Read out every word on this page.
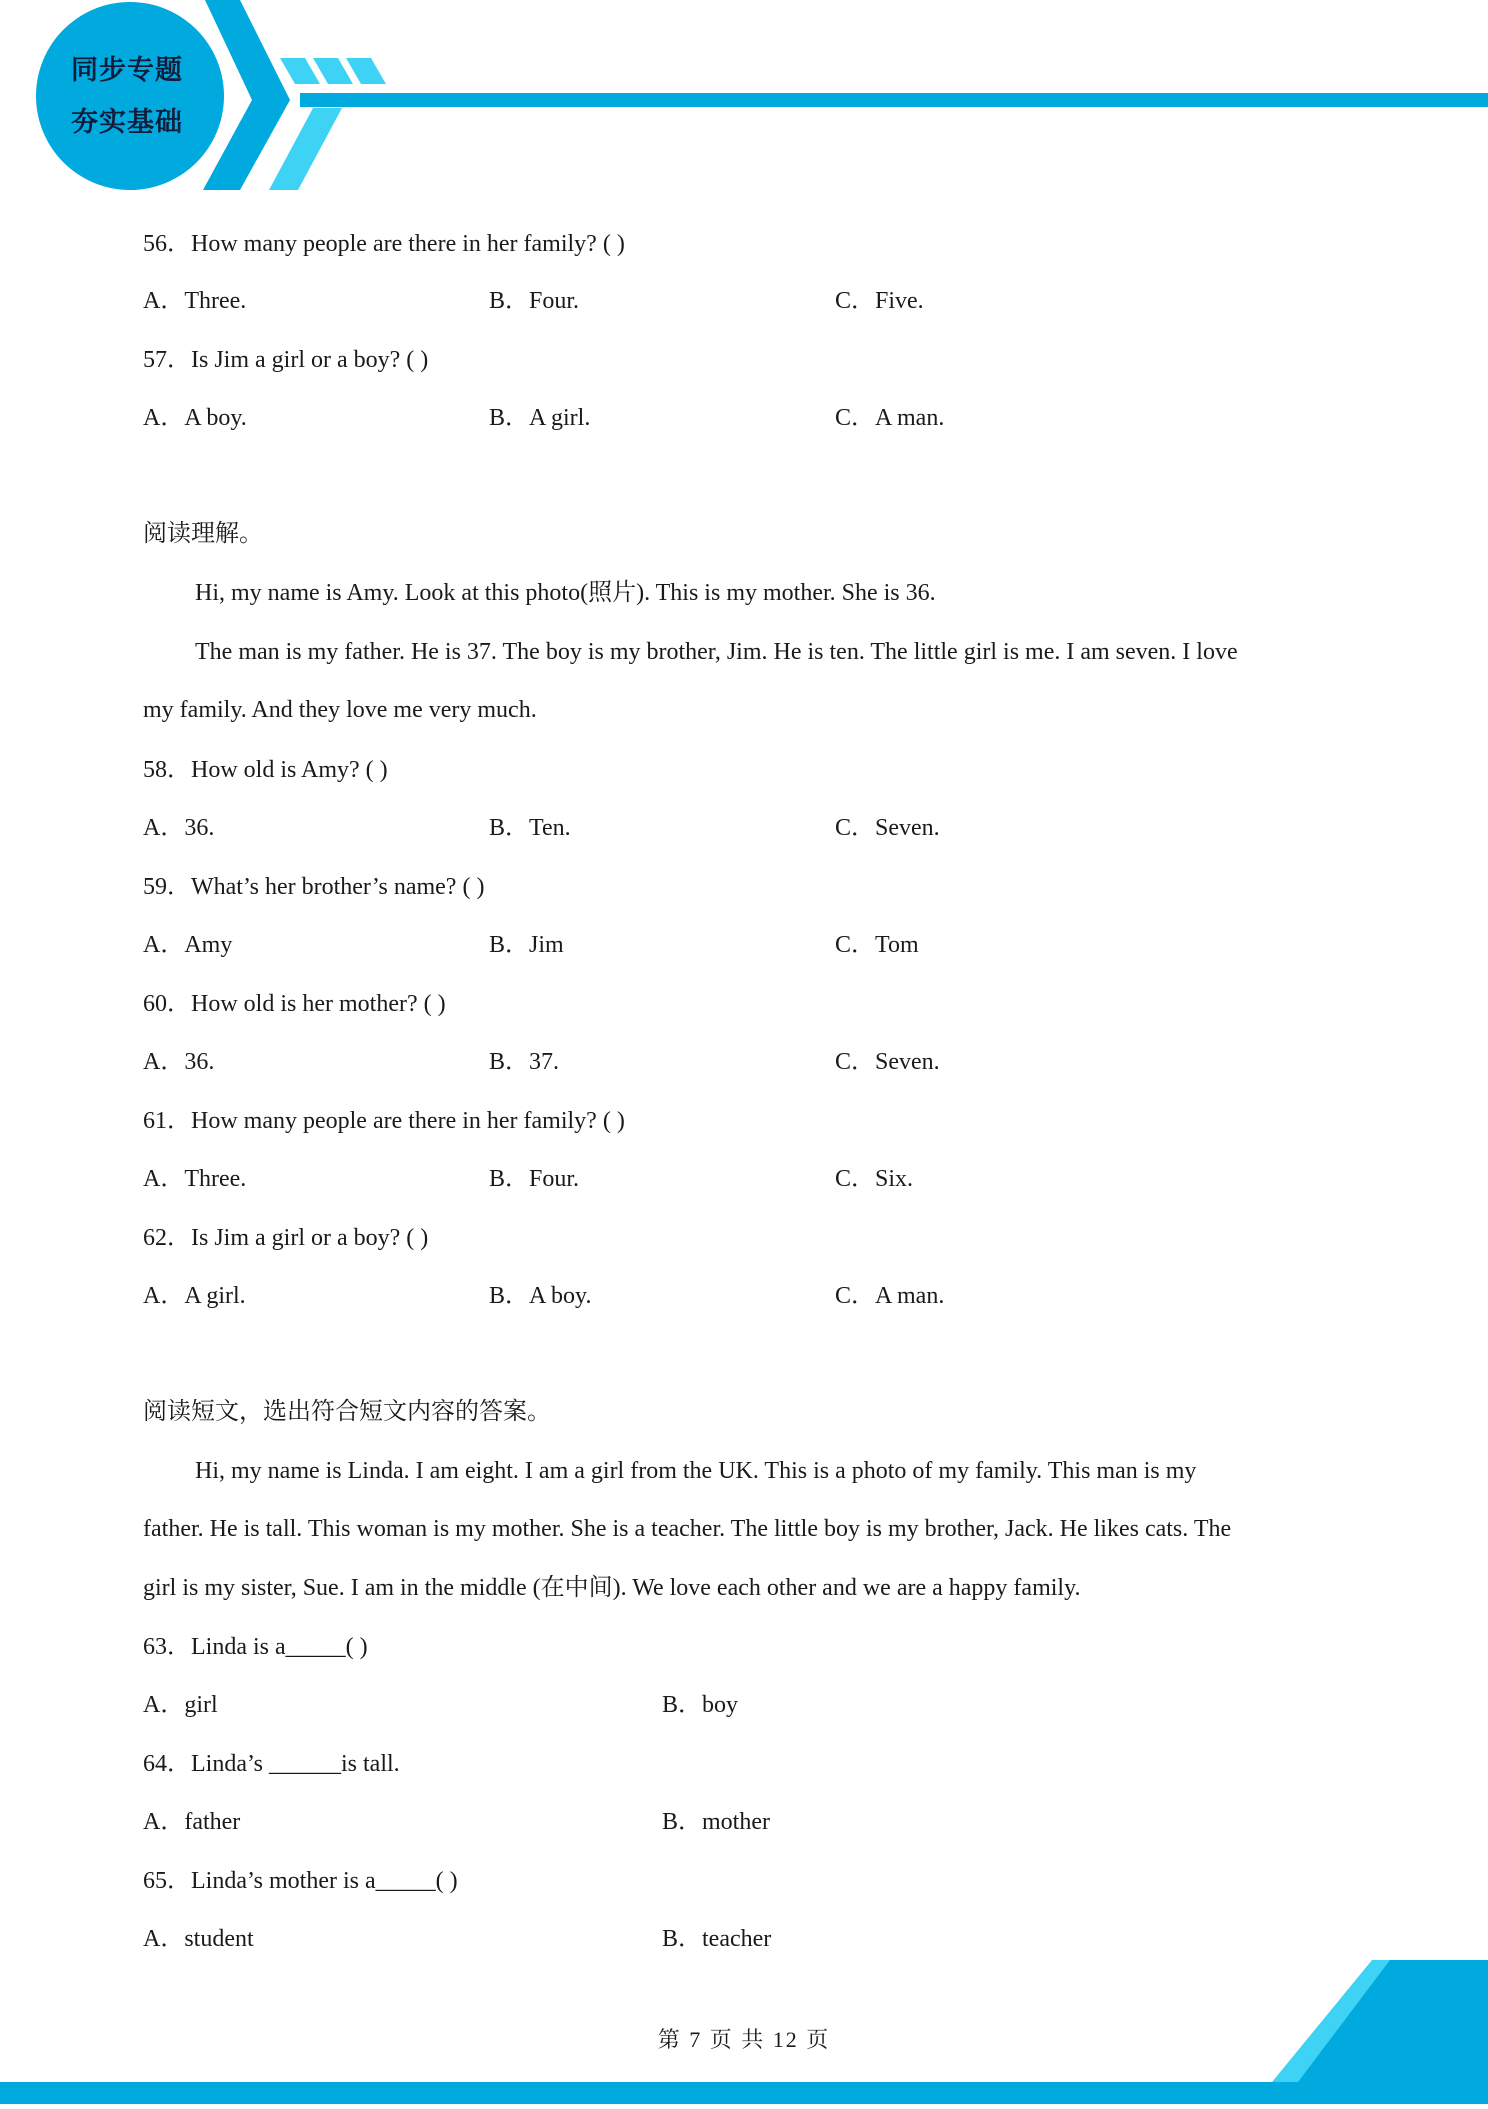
同步专题
夯实基础
56．How many people are there in her family? ( )
A．Three.	B．Four.	C．Five.
57．Is Jim a girl or a boy? ( )
A．A boy.	B．A girl.	C．A man.
阅读理解。
Hi, my name is Amy. Look at this photo(照片). This is my mother. She is 36.
The man is my father. He is 37. The boy is my brother, Jim. He is ten. The little girl is me. I am seven. I love
my family. And they love me very much.
58．How old is Amy? ( )
A．36.	B．Ten.	C．Seven.
59．What’s her brother’s name? ( )
A．Amy	B．Jim	C．Tom
60．How old is her mother? ( )
A．36.	B．37.	C．Seven.
61．How many people are there in her family? ( )
A．Three.	B．Four.	C．Six.
62．Is Jim a girl or a boy? ( )
A．A girl.	B．A boy.	C．A man.
阅读短文，选出符合短文内容的答案。
Hi, my name is Linda. I am eight. I am a girl from the UK. This is a photo of my family. This man is my
father. He is tall. This woman is my mother. She is a teacher. The little boy is my brother, Jack. He likes cats. The
girl is my sister, Sue. I am in the middle (在中间). We love each other and we are a happy family.
63．Linda is a_____( )
A．girl	B．boy
64．Linda’s ______is tall.
A．father	B．mother
65．Linda’s mother is a_____( )
A．student	B．teacher
第 7 页 共 12 页
